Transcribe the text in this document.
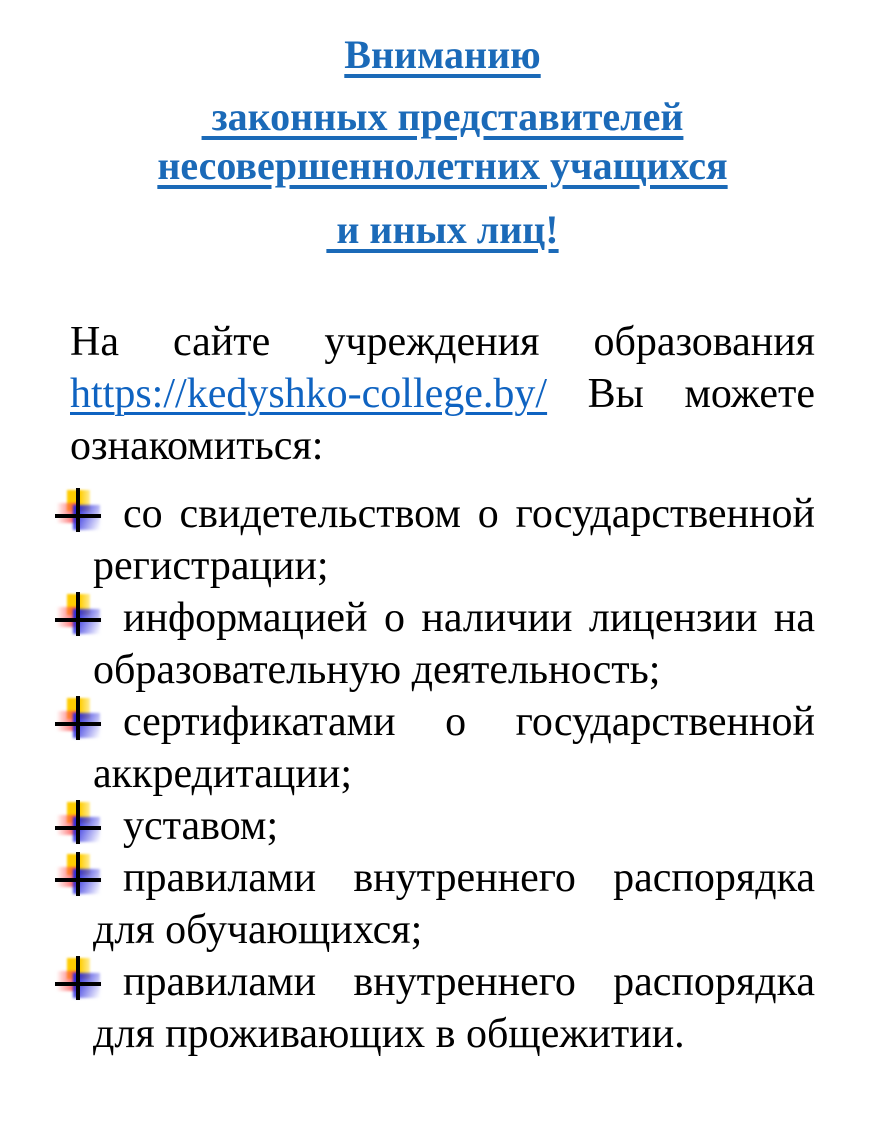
Вниманию
законных представителей
несовершеннолетних учащихся
и иных лиц!

На сайте учреждения образования https://kedyshko-college.by/ Вы можете ознакомиться:

со свидетельством о государственной регистрации;
информацией о наличии лицензии на образовательную деятельность;
сертификатами о государственной аккредитации;
уставом;
правилами внутреннего распорядка для обучающихся;
правилами внутреннего распорядка для проживающих в общежитии.
